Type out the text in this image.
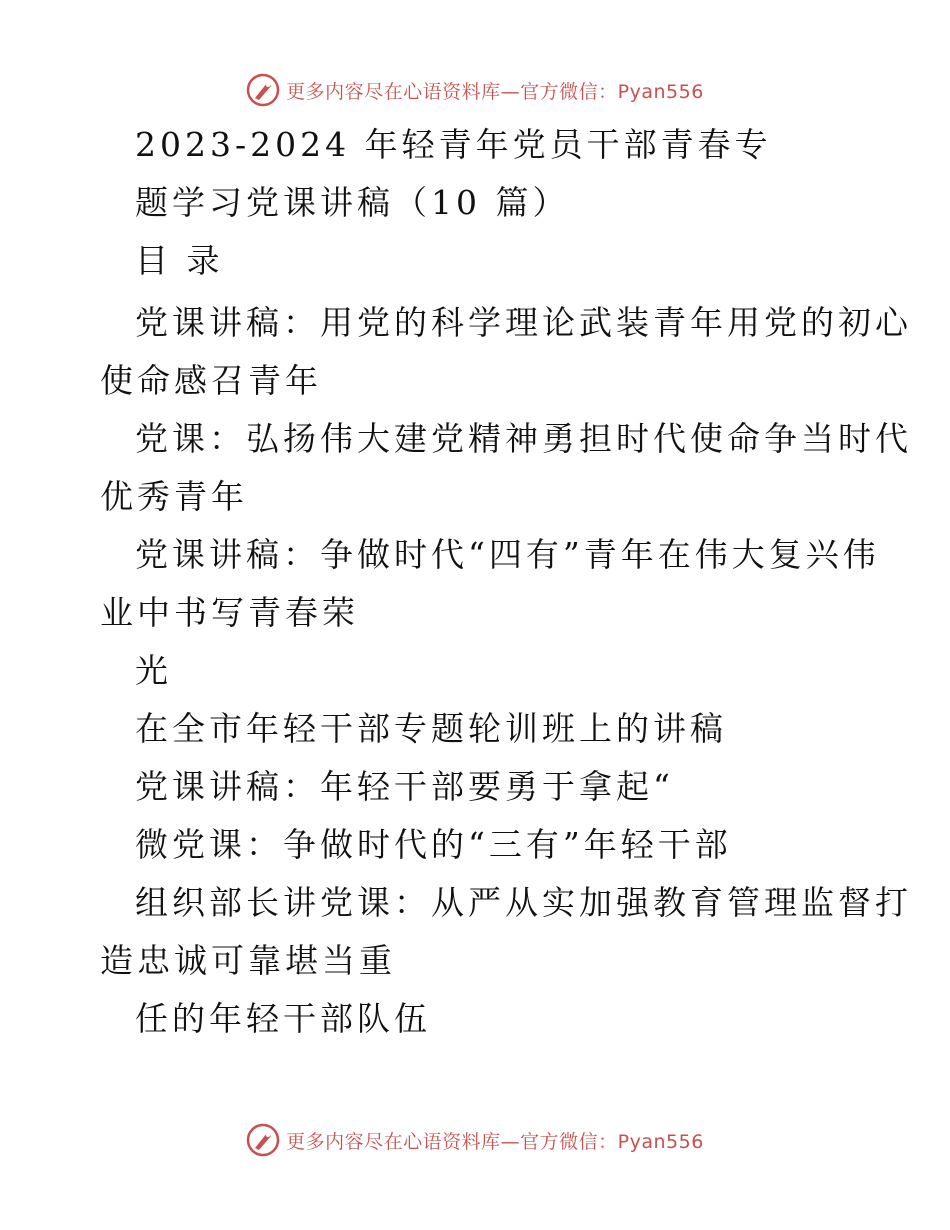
更多内容尽在心语资料库—官方微信：Pyan556
2023-2024 年轻青年党员干部青春专
题学习党课讲稿（10 篇）
目 录
党课讲稿：用党的科学理论武装青年用党的初心
使命感召青年
党课：弘扬伟大建党精神勇担时代使命争当时代
优秀青年
党课讲稿：争做时代“四有”青年在伟大复兴伟
业中书写青春荣
光
在全市年轻干部专题轮训班上的讲稿
党课讲稿：年轻干部要勇于拿起“
微党课：争做时代的“三有”年轻干部
组织部长讲党课：从严从实加强教育管理监督打
造忠诚可靠堪当重
任的年轻干部队伍
更多内容尽在心语资料库—官方微信：Pyan556
